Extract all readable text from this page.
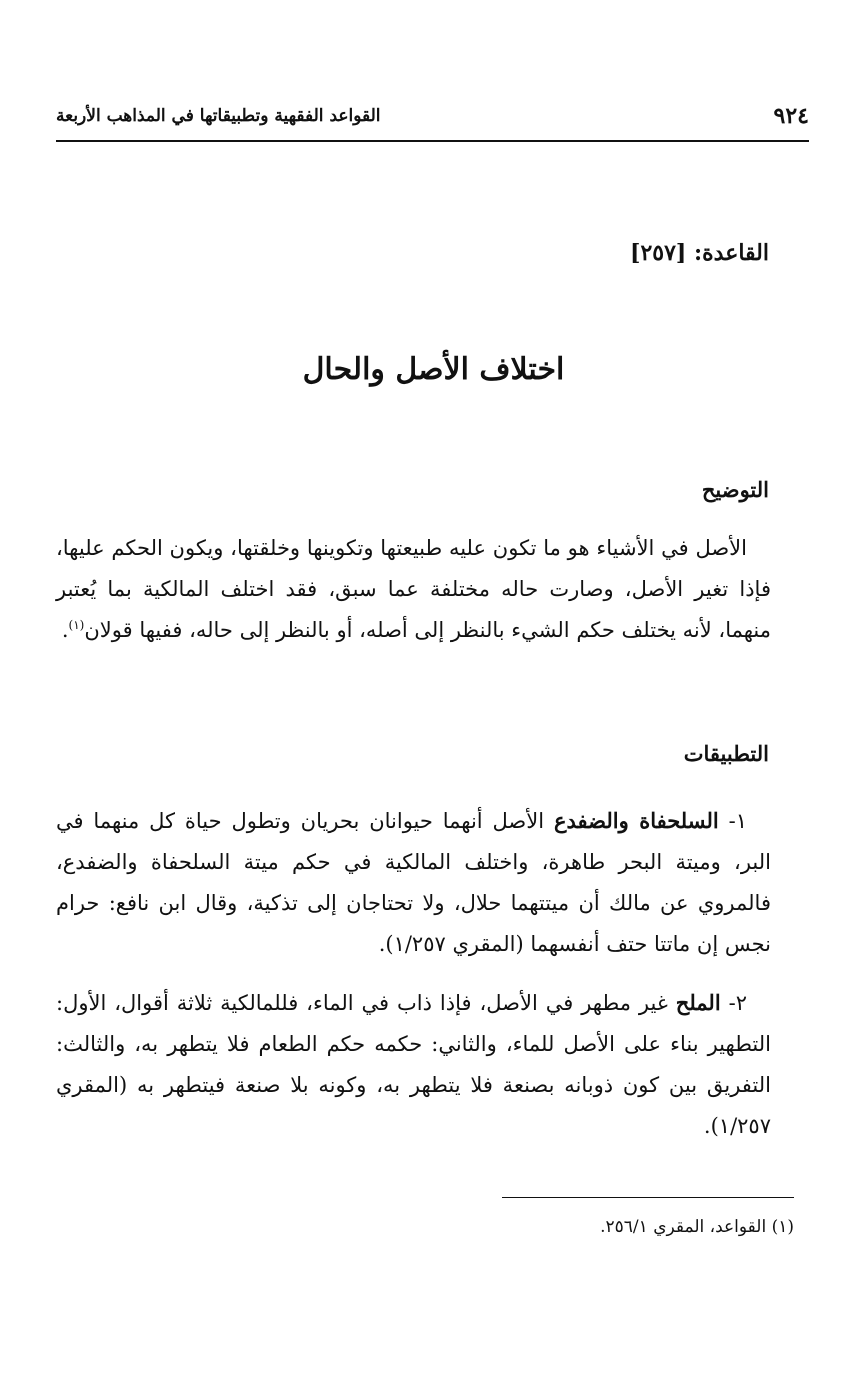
٩٢٤
القواعد الفقهية وتطبيقاتها في المذاهب الأربعة
القاعدة: [٢٥٧]
اختلاف الأصل والحال
التوضيح
الأصل في الأشياء هو ما تكون عليه طبيعتها وتكوينها وخلقتها، ويكون الحكم عليها، فإذا تغير الأصل، وصارت حاله مختلفة عما سبق، فقد اختلف المالكية بما يُعتبر منهما، لأنه يختلف حكم الشيء بالنظر إلى أصله، أو بالنظر إلى حاله، ففيها قولان$^{(١)}$.
التطبيقات
١- السلحفاة والضفدع الأصل أنهما حيوانان بحريان وتطول حياة كل منهما في البر، وميتة البحر طاهرة، واختلف المالكية في حكم ميتة السلحفاة والضفدع، فالمروي عن مالك أن ميتتهما حلال، ولا تحتاجان إلى تذكية، وقال ابن نافع: حرام نجس إن ماتتا حتف أنفسهما (المقري ١/٢٥٧).
٢- الملح غير مطهر في الأصل، فإذا ذاب في الماء، فللمالكية ثلاثة أقوال، الأول: التطهير بناء على الأصل للماء، والثاني: حكمه حكم الطعام فلا يتطهر به، والثالث: التفريق بين كون ذوبانه بصنعة فلا يتطهر به، وكونه بلا صنعة فيتطهر به (المقري ١/٢٥٧).
(١) القواعد، المقري ٢٥٦/١.
